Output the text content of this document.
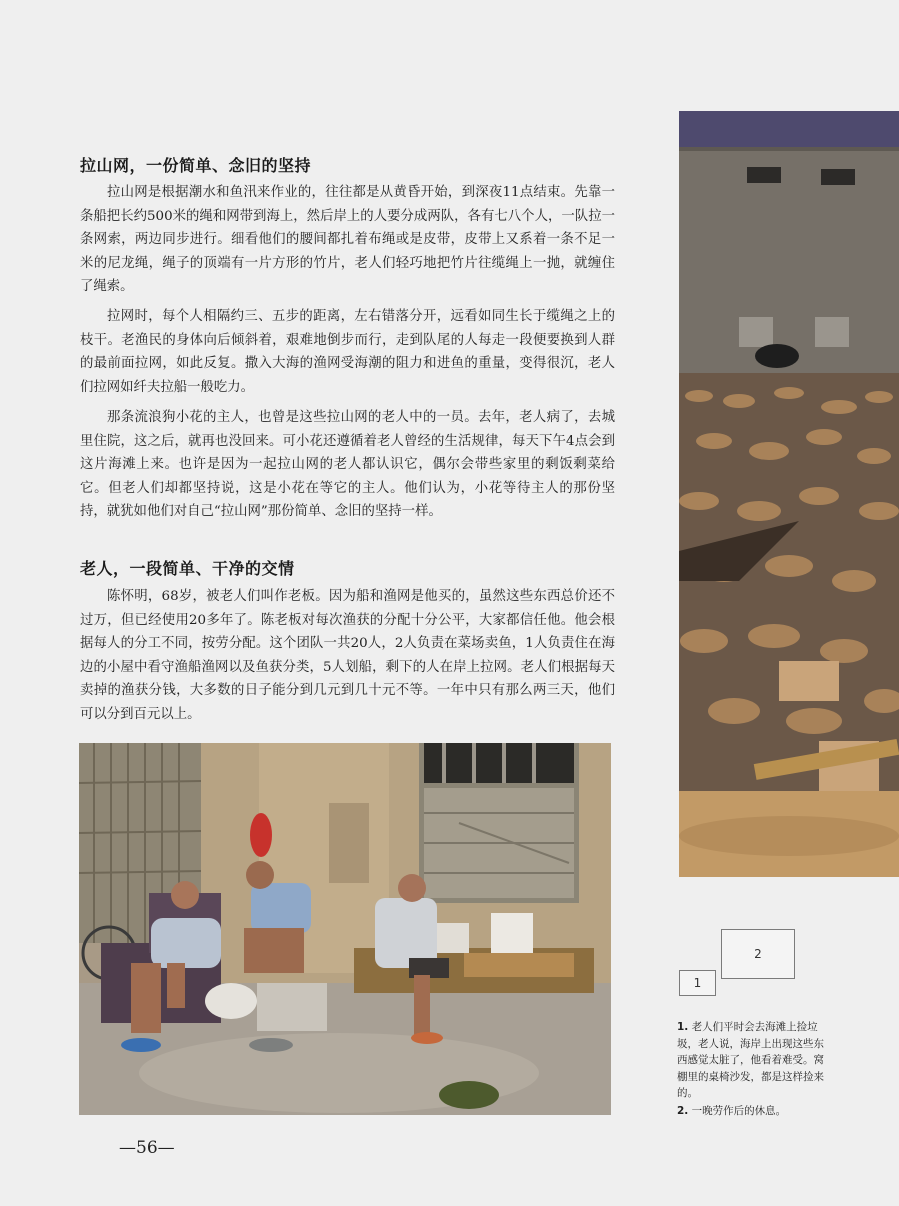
拉山网，一份简单、念旧的坚持

拉山网是根据潮水和鱼汛来作业的，往往都是从黄昏开始，到深夜11点结束。先靠一条船把长约500米的绳和网带到海上，然后岸上的人要分成两队，各有七八个人，一队拉一条网索，两边同步进行。细看他们的腰间都扎着布绳或是皮带，皮带上又系着一条不足一米的尼龙绳，绳子的顶端有一片方形的竹片，老人们轻巧地把竹片往缆绳上一抛，就缠住了绳索。

拉网时，每个人相隔约三、五步的距离，左右错落分开，远看如同生长于缆绳之上的枝干。老渔民的身体向后倾斜着，艰难地倒步而行，走到队尾的人每走一段便要换到人群的最前面拉网，如此反复。撒入大海的渔网受海潮的阻力和进鱼的重量，变得很沉，老人们拉网如纤夫拉船一般吃力。

那条流浪狗小花的主人，也曾是这些拉山网的老人中的一员。去年，老人病了，去城里住院，这之后，就再也没回来。可小花还遵循着老人曾经的生活规律，每天下午4点会到这片海滩上来。也许是因为一起拉山网的老人都认识它，偶尔会带些家里的剩饭剩菜给它。但老人们却都坚持说，这是小花在等它的主人。他们认为，小花等待主人的那份坚持，就犹如他们对自己“拉山网”那份简单、念旧的坚持一样。

老人，一段简单、干净的交情

陈怀明，68岁，被老人们叫作老板。因为船和渔网是他买的，虽然这些东西总价还不过万，但已经使用20多年了。陈老板对每次渔获的分配十分公平，大家都信任他。他会根据每人的分工不同，按劳分配。这个团队一共20人，2人负责在菜场卖鱼，1人负责住在海边的小屋中看守渔船渔网以及鱼获分类，5人划船，剩下的人在岸上拉网。老人们根据每天卖掉的渔获分钱，大多数的日子能分到几元到几十元不等。一年中只有那么两三天，他们可以分到百元以上。

2
1

1. 老人们平时会去海滩上捡垃圾，老人说，海岸上出现这些东西感觉太脏了，他看着难受。窝棚里的桌椅沙发，都是这样捡来的。

2. 一晚劳作后的休息。

—56—
